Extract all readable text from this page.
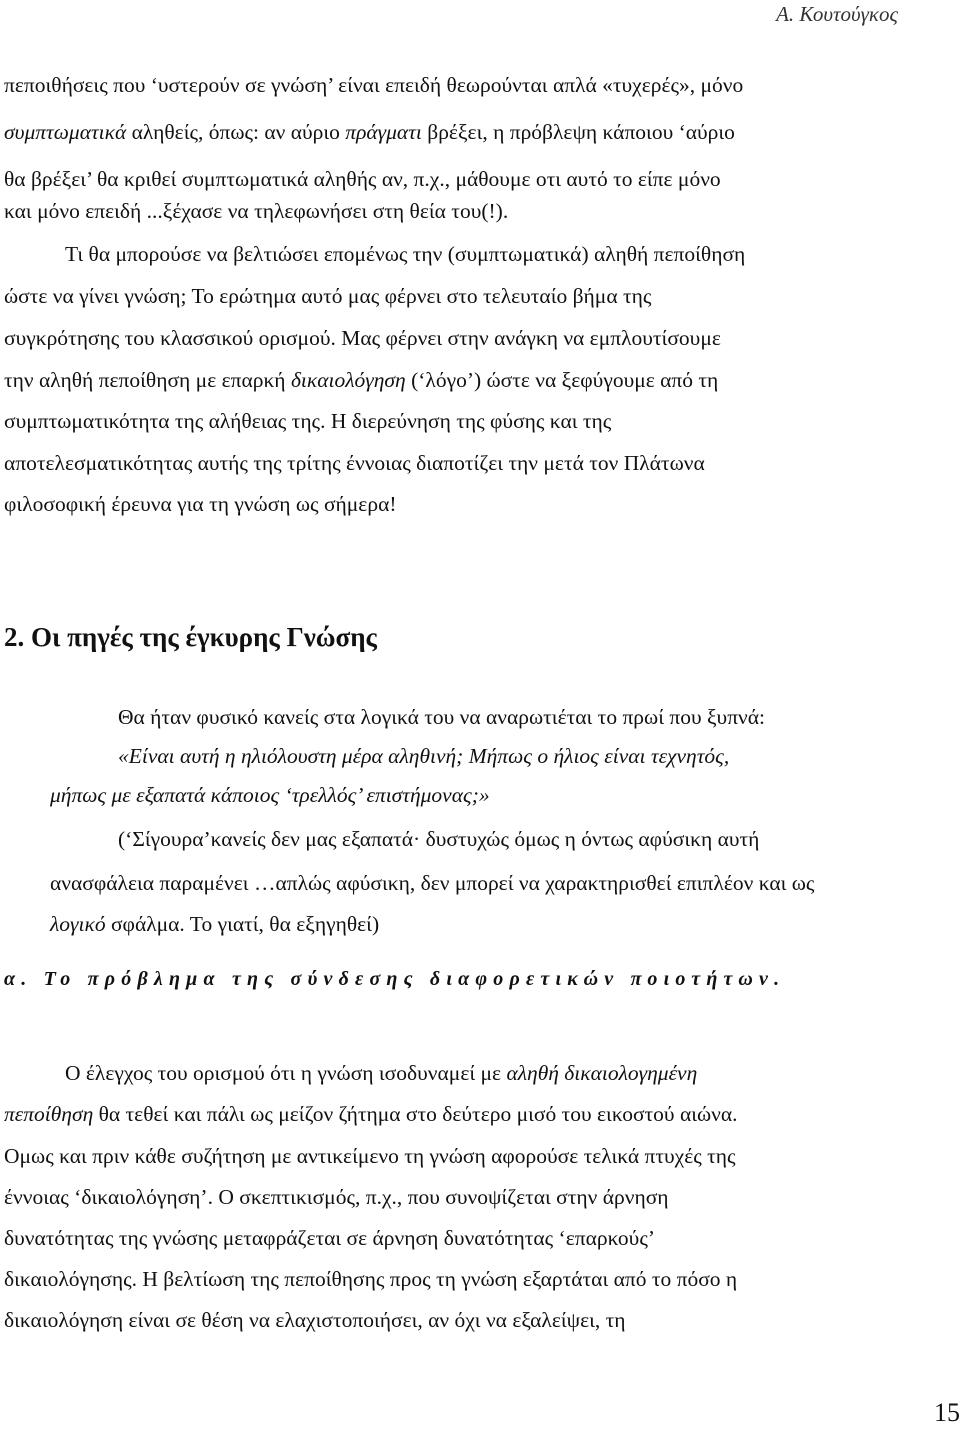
Α. Κουτούγκος
πεποιθήσεις που ‘υστερούν σε γνώση’ είναι επειδή θεωρούνται απλά «τυχερές», μόνο
συμπτωματικά αληθείς, όπως: αν αύριο πράγματι βρέξει, η πρόβλεψη κάποιου ‘αύριο
θα βρέξει’ θα κριθεί συμπτωματικά αληθής αν, π.χ., μάθουμε οτι αυτό το είπε μόνο
και μόνο επειδή ...ξέχασε να τηλεφωνήσει στη θεία του(!).
Τι θα μπορούσε να βελτιώσει επομένως την (συμπτωματικά) αληθή πεποίθηση
ώστε να γίνει γνώση; Το ερώτημα αυτό μας φέρνει στο τελευταίο βήμα της
συγκρότησης του κλασσικού ορισμού. Μας φέρνει στην ανάγκη να εμπλουτίσουμε
την αληθή πεποίθηση με επαρκή δικαιολόγηση (‘λόγο’) ώστε να ξεφύγουμε από τη
συμπτωματικότητα της αλήθειας της. Η διερεύνηση της φύσης και της
αποτελεσματικότητας αυτής της τρίτης έννοιας διαποτίζει την μετά τον Πλάτωνα
φιλοσοφική έρευνα για τη γνώση ως σήμερα!
2. Οι πηγές της έγκυρης Γνώσης
Θα ήταν φυσικό κανείς στα λογικά του να αναρωτιέται το πρωί που ξυπνά:
«Είναι αυτή η ηλιόλουστη μέρα αληθινή; Μήπως ο ήλιος είναι τεχνητός,
μήπως με εξαπατά κάποιος ‘τρελλός’ επιστήμονας;»
(‘Σίγουρα’κανείς δεν μας εξαπατά· δυστυχώς όμως η όντως αφύσικη αυτή
ανασφάλεια παραμένει …απλώς αφύσικη, δεν μπορεί να χαρακτηρισθεί επιπλέον και ως
λογικό σφάλμα. Το γιατί, θα εξηγηθεί)
α. Το πρόβλημα της σύνδεσης διαφορετικών ποιοτήτων.
Ο έλεγχος του ορισμού ότι η γνώση ισοδυναμεί με αληθή δικαιολογημένη
πεποίθηση θα τεθεί και πάλι ως μείζον ζήτημα στο δεύτερο μισό του εικοστού αιώνα.
Ομως και πριν κάθε συζήτηση με αντικείμενο τη γνώση αφορούσε τελικά πτυχές της
έννοιας ‘δικαιολόγηση’. Ο σκεπτικισμός, π.χ., που συνοψίζεται στην άρνηση
δυνατότητας της γνώσης μεταφράζεται σε άρνηση δυνατότητας ‘επαρκούς’
δικαιολόγησης. Η βελτίωση της πεποίθησης προς τη γνώση εξαρτάται από το πόσο η
δικαιολόγηση είναι σε θέση να ελαχιστοποιήσει, αν όχι να εξαλείψει, τη
15
